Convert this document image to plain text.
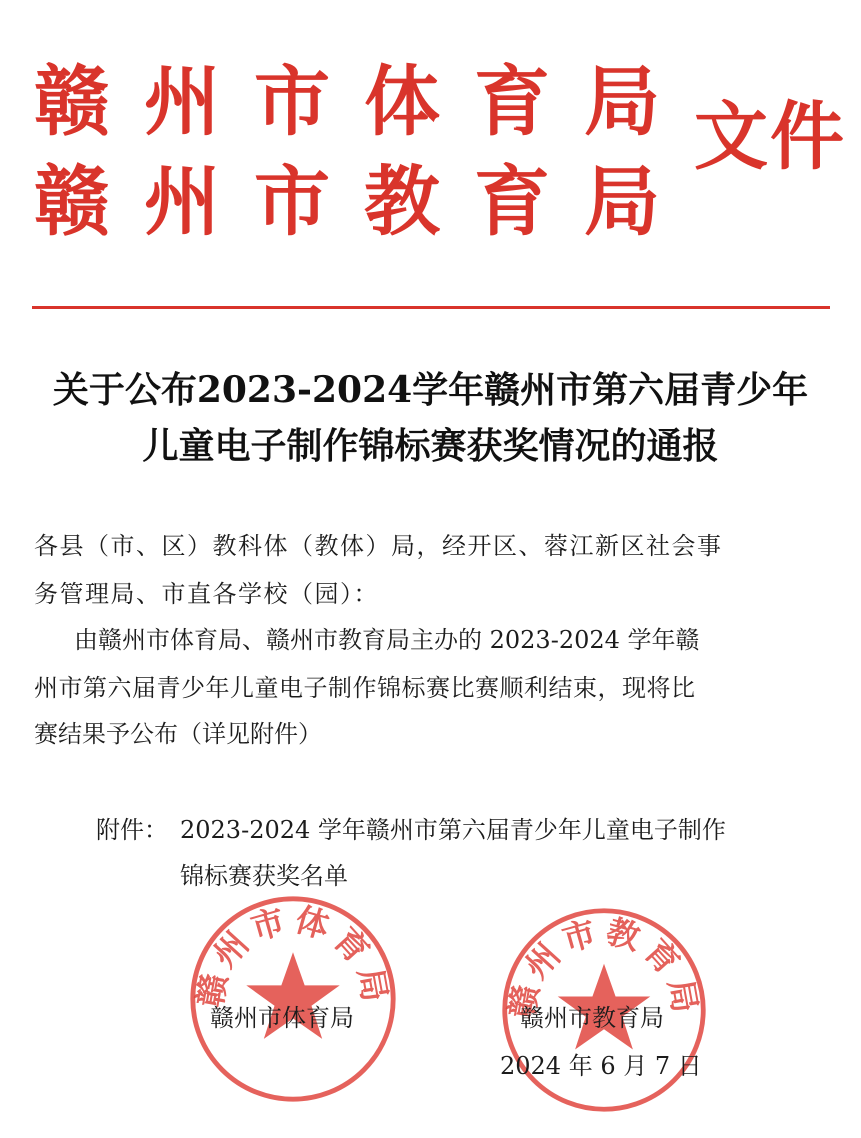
赣州市体育局
赣州市教育局
文件
关于公布2023-2024学年赣州市第六届青少年
儿童电子制作锦标赛获奖情况的通报
各县（市、区）教科体（教体）局，经开区、蓉江新区社会事
务管理局、市直各学校（园）：
由赣州市体育局、赣州市教育局主办的 2023-2024 学年赣
州市第六届青少年儿童电子制作锦标赛比赛顺利结束，现将比
赛结果予公布（详见附件）
附件： 2023-2024 学年赣州市第六届青少年儿童电子制作
锦标赛获奖名单
赣州市体育局	赣州市教育局
赣州市体育局	赣州市教育局
2024 年 6 月 7 日
